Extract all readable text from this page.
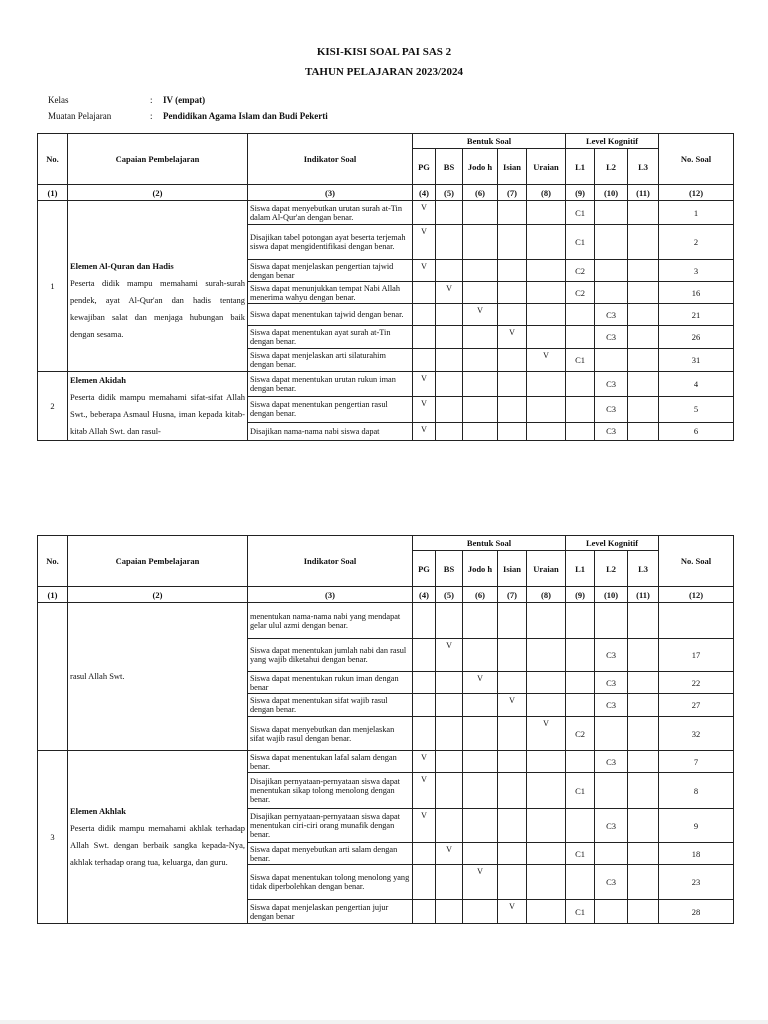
KISI-KISI SOAL PAI SAS 2
TAHUN PELAJARAN 2023/2024
Kelas	: IV (empat)
Muatan Pelajaran	: Pendidikan Agama Islam dan Budi Pekerti
No.	Capaian Pembelajaran	Indikator Soal	Bentuk Soal					Level Kognitif			No. Soal
			PG	BS	Jodo h	Isian	Uraian	L1	L2	L3	
(1)	(2)	(3)	(4)	(5)	(6)	(7)	(8)	(9)	(10)	(11)	(12)
1	Elemen Al-Quran dan Hadis
Peserta didik mampu memahami surah-surah pendek, ayat Al-Qur'an dan hadis tentang kewajiban salat dan menjaga hubungan baik dengan sesama.	Siswa dapat menyebutkan urutan surah at-Tin dalam Al-Qur'an dengan benar.	V					C1			1
		Disajikan tabel potongan ayat beserta terjemah siswa dapat mengidentifikasi dengan benar.	V					C1			2
		Siswa dapat menjelaskan pengertian tajwid dengan benar	V					C2			3
		Siswa dapat menunjukkan tempat Nabi Allah menerima wahyu dengan benar.		V				C2			16
		Siswa dapat menentukan tajwid dengan benar.			V				C3		21
		Siswa dapat menentukan ayat surah at-Tin dengan benar.				V			C3		26
		Siswa dapat menjelaskan arti silaturahim dengan benar.					V	C1			31
2	Elemen Akidah
Peserta didik mampu memahami sifat-sifat Allah Swt., beberapa Asmaul Husna, iman kepada kitab-kitab Allah Swt. dan rasul-	Siswa dapat menentukan urutan rukun iman dengan benar.	V						C3		4
		Siswa dapat menentukan pengertian rasul dengan benar.	V						C3		5
		Disajikan nama-nama nabi siswa dapat	V						C3		6
No.	Capaian Pembelajaran	Indikator Soal	Bentuk Soal					Level Kognitif			No. Soal
			PG	BS	Jodo h	Isian	Uraian	L1	L2	L3	
(1)	(2)	(3)	(4)	(5)	(6)	(7)	(8)	(9)	(10)	(11)	(12)
	rasul Allah Swt.	menentukan nama-nama nabi yang mendapat gelar ulul azmi dengan benar.									
		Siswa dapat menentukan jumlah nabi dan rasul yang wajib diketahui dengan benar.		V					C3		17
		Siswa dapat menentukan rukun iman dengan benar			V				C3		22
		Siswa dapat menentukan sifat wajib rasul dengan benar.				V			C3		27
		Siswa dapat menyebutkan dan menjelaskan sifat wajib rasul dengan benar.					V	C2			32
3	Elemen Akhlak
Peserta didik mampu memahami akhlak terhadap Allah Swt. dengan berbaik sangka kepada-Nya, akhlak terhadap orang tua, keluarga, dan guru.	Siswa dapat menentukan lafal salam dengan benar.	V						C3		7
		Disajikan pernyataan-pernyataan siswa dapat menentukan sikap tolong menolong dengan benar.	V					C1			8
		Disajikan pernyataan-pernyataan siswa dapat menentukan ciri-ciri orang munafik dengan benar.	V						C3		9
		Siswa dapat menyebutkan arti salam dengan benar.		V				C1			18
		Siswa dapat menentukan tolong menolong yang tidak diperbolehkan dengan benar.			V				C3		23
		Siswa dapat menjelaskan pengertian jujur dengan benar				V		C1			28
